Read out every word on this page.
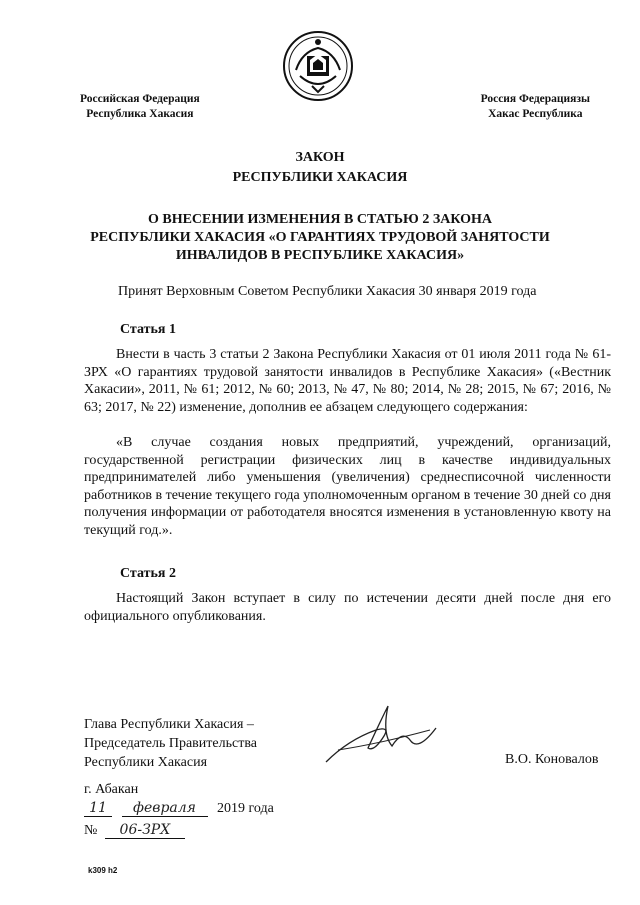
Российская Федерация
Республика Хакасия
Россия Федерациязы
Хакас Республика
ЗАКОН
РЕСПУБЛИКИ ХАКАСИЯ
О ВНЕСЕНИИ ИЗМЕНЕНИЯ В СТАТЬЮ 2 ЗАКОНА
РЕСПУБЛИКИ ХАКАСИЯ «О ГАРАНТИЯХ ТРУДОВОЙ ЗАНЯТОСТИ
ИНВАЛИДОВ В РЕСПУБЛИКЕ ХАКАСИЯ»
Принят Верховным Советом Республики Хакасия 30 января 2019 года
Статья 1

Внести в часть 3 статьи 2 Закона Республики Хакасия от 01 июля 2011 года № 61-ЗРХ «О гарантиях трудовой занятости инвалидов в Республике Хакасия» («Вестник Хакасии», 2011, № 61; 2012, № 60; 2013, № 47, № 80; 2014, № 28; 2015, № 67; 2016, № 63; 2017, № 22) изменение, дополнив ее абзацем следующего содержания:

«В случае создания новых предприятий, учреждений, организаций, государственной регистрации физических лиц в качестве индивидуальных предпринимателей либо уменьшения (увеличения) среднесписочной численности работников в течение текущего года уполномоченным органом в течение 30 дней со дня получения информации от работодателя вносятся изменения в установленную квоту на текущий год.».

Статья 2

Настоящий Закон вступает в силу по истечении десяти дней после дня его официального опубликования.

Глава Республики Хакасия –
Председатель Правительства
Республики Хакасия	В.О. Коновалов
г. Абакан
11 февраля 2019 года
№ 06-ЗРХ
k309 h2
